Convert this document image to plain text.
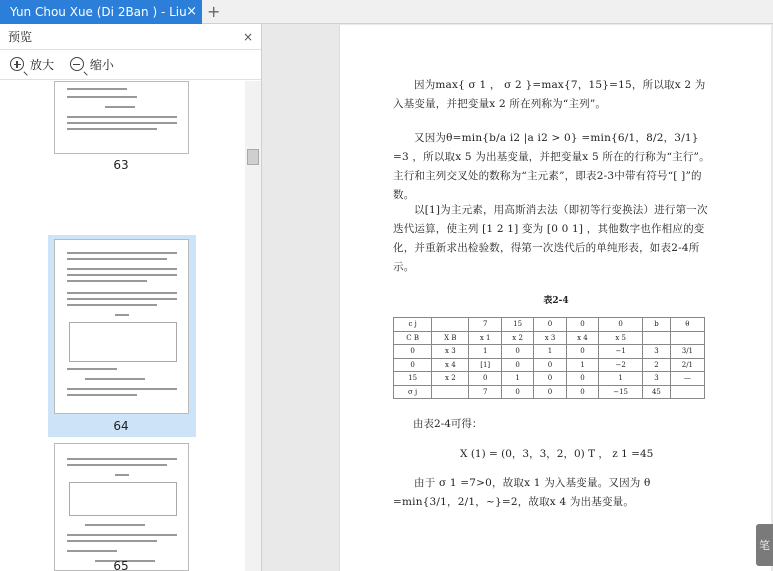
Yun Chou Xue (Di 2Ban ) - Liu × +
预览	×
放大	缩小
63
64
65
因为max{ σ 1 ， σ 2 }=max{7，15}=15，所以取x 2 为入基变量，并把变量x 2 所在列称为“主列”。
又因为θ=min{b/a i2 |a i2 > 0} =min{6/1，8/2，3/1} =3 ，所以取x 5 为出基变量，并把变量x 5 所在的行称为“主行”。主行和主列交叉处的数称为“主元素”，即表2-3中带有符号“[ ]”的数。
以[1]为主元素，用高斯消去法（即初等行变换法）进行第一次迭代运算，使主列 [1 2 1] 变为 [0 0 1] ，其他数字也作相应的变化，并重新求出检验数，得第一次迭代后的单纯形表，如表2-4所示。
表2-4
c j		7	15	0	0	0	b	θ
C B	X B	x 1	x 2	x 3	x 4	x 5		
0	x 3	1	0	1	0	−1	3	3/1
0	x 4	[1]	0	0	1	−2	2	2/1
15	x 2	0	1	0	0	1	3	—
σ j		7	0	0	0	−15	45	
由表2-4可得：
X (1) = (0，3，3，2，0) T ， z 1 =45
由于 σ 1 =7>0，故取x 1 为入基变量。又因为 θ =min{3/1，2/1，~}=2，故取x 4 为出基变量。
笔
